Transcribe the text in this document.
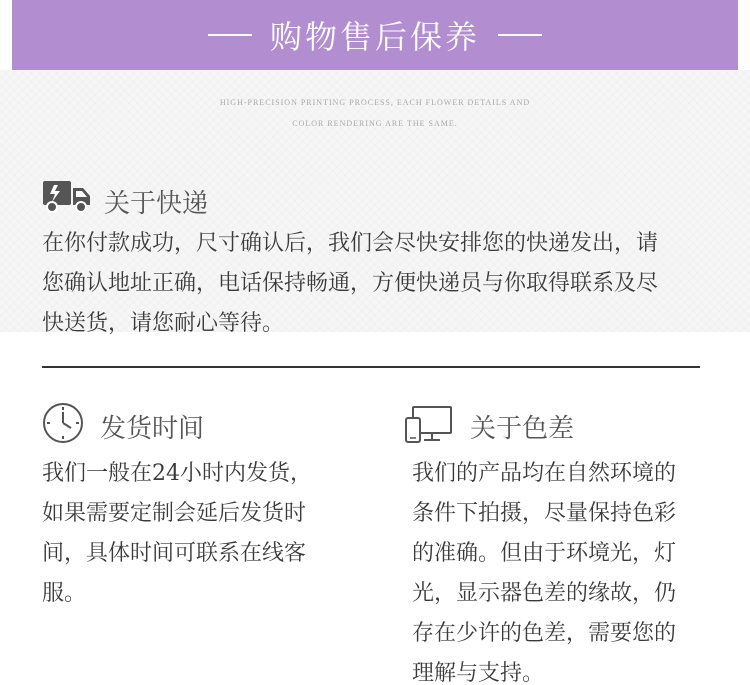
购物售后保养
HIGH-PRECISION PRINTING PROCESS, EACH FLOWER DETAILS AND
COLOR RENDERING ARE THE SAME.
关于快递
在你付款成功，尺寸确认后，我们会尽快安排您的快递发出，请
您确认地址正确，电话保持畅通，方便快递员与你取得联系及尽
快送货，请您耐心等待。
发货时间
我们一般在24小时内发货，
如果需要定制会延后发货时
间，具体时间可联系在线客
服。
关于色差
我们的产品均在自然环境的
条件下拍摄，尽量保持色彩
的准确。但由于环境光，灯
光，显示器色差的缘故，仍
存在少许的色差，需要您的
理解与支持。
